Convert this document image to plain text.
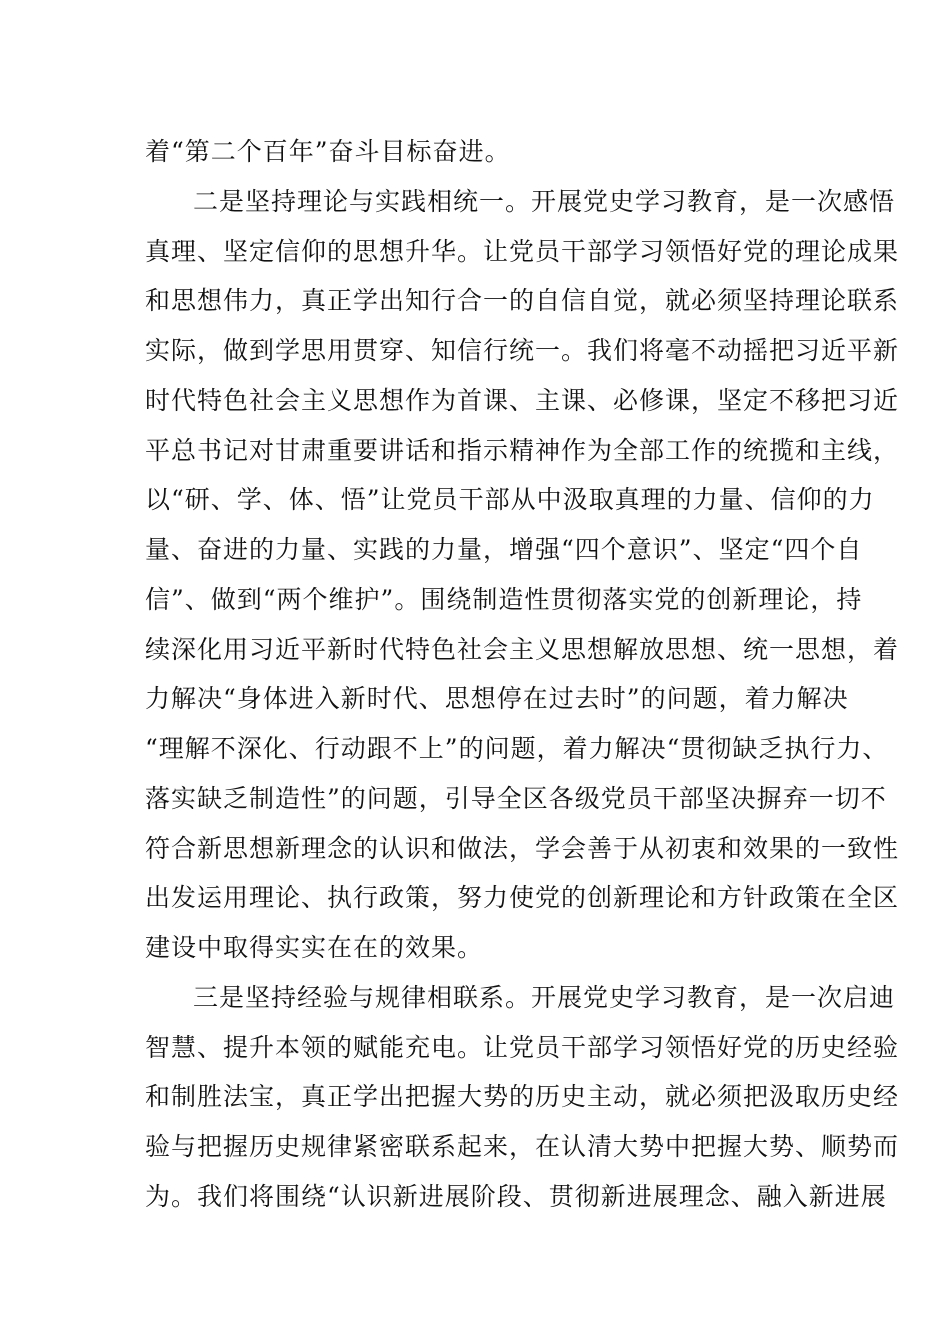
着“第二个百年”奋斗目标奋进。
二是坚持理论与实践相统一。开展党史学习教育，是一次感悟
真理、坚定信仰的思想升华。让党员干部学习领悟好党的理论成果
和思想伟力，真正学出知行合一的自信自觉，就必须坚持理论联系
实际，做到学思用贯穿、知信行统一。我们将毫不动摇把习近平新
时代特色社会主义思想作为首课、主课、必修课，坚定不移把习近
平总书记对甘肃重要讲话和指示精神作为全部工作的统揽和主线，
以“研、学、体、悟”让党员干部从中汲取真理的力量、信仰的力
量、奋进的力量、实践的力量，增强“四个意识”、坚定“四个自
信”、做到“两个维护”。围绕制造性贯彻落实党的创新理论，持
续深化用习近平新时代特色社会主义思想解放思想、统一思想，着
力解决“身体进入新时代、思想停在过去时”的问题，着力解决
“理解不深化、行动跟不上”的问题，着力解决“贯彻缺乏执行力、
落实缺乏制造性”的问题，引导全区各级党员干部坚决摒弃一切不
符合新思想新理念的认识和做法，学会善于从初衷和效果的一致性
出发运用理论、执行政策，努力使党的创新理论和方针政策在全区
建设中取得实实在在的效果。
三是坚持经验与规律相联系。开展党史学习教育，是一次启迪
智慧、提升本领的赋能充电。让党员干部学习领悟好党的历史经验
和制胜法宝，真正学出把握大势的历史主动，就必须把汲取历史经
验与把握历史规律紧密联系起来，在认清大势中把握大势、顺势而
为。我们将围绕“认识新进展阶段、贯彻新进展理念、融入新进展
